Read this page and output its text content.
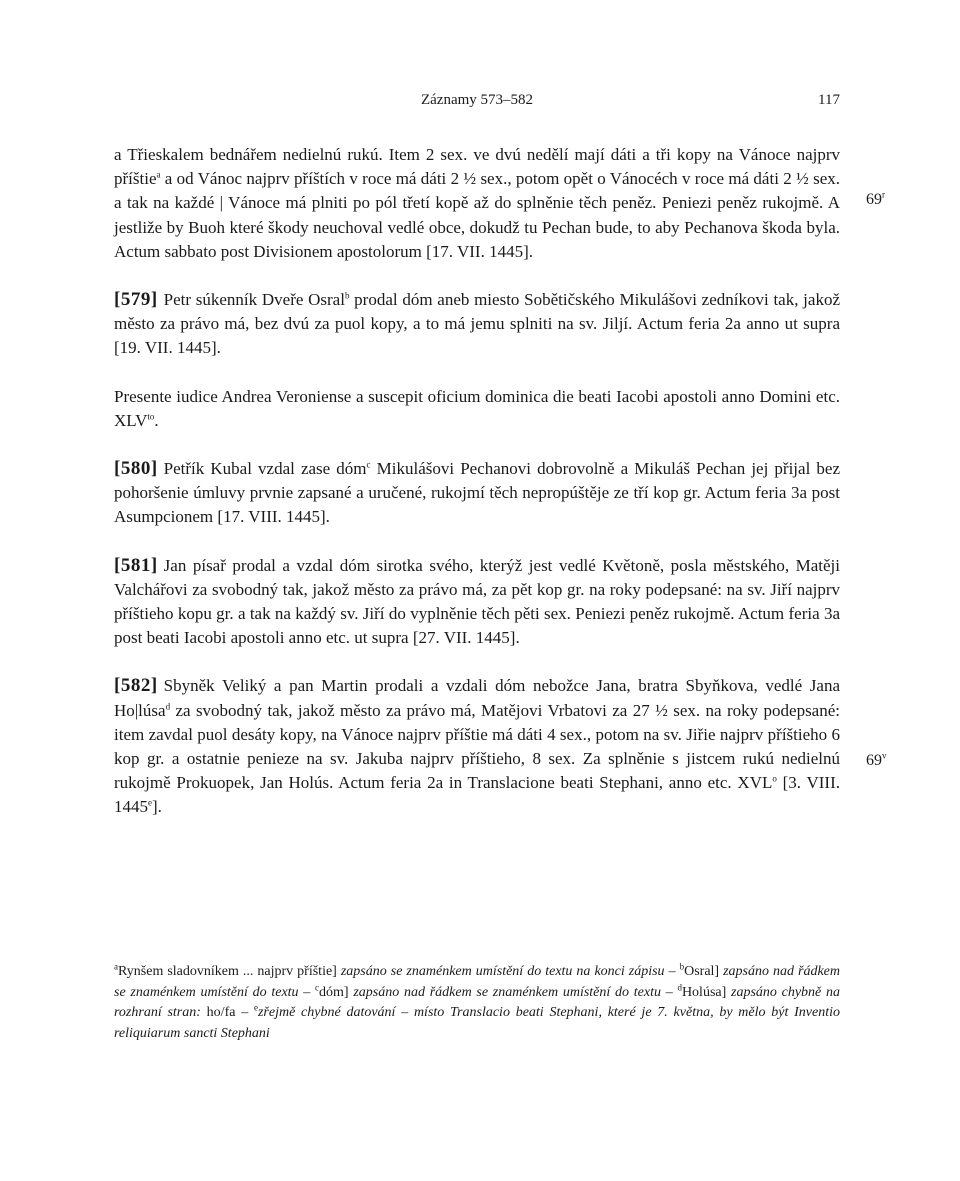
Záznamy 573–582	117
69$^r$
69$^v$

a Třieskalem bednářem nedielnú rukú. Item 2 sex. ve dvú nedělí mají dáti a tři kopy na Vánoce najprv příštie$^a$ a od Vánoc najprv příštích v roce má dáti 2 ½ sex., potom opět o Vánocéch v roce má dáti 2 ½ sex. a tak na každé | Vánoce má plniti po pól třetí kopě až do splněnie těch peněz. Peniezi peněz rukojmě. A jestliže by Buoh které škody neuchoval vedlé obce, dokudž tu Pechan bude, to aby Pechanova škoda byla. Actum sabbato post Divisionem apostolorum [17. VII. 1445].

[579] Petr súkenník Dveře Osral$^b$ prodal dóm aneb miesto Sobětičského Mikulášovi zedníkovi tak, jakož město za právo má, bez dvú za puol kopy, a to má jemu splniti na sv. Jiljí. Actum feria 2a anno ut supra [19. VII. 1445].

Presente iudice Andrea Veroniense a suscepit oficium dominica die beati Iacobi apostoli anno Domini etc. $XLV^{to}$.

[580] Petřík Kubal vzdal zase dóm$^c$ Mikulášovi Pechanovi dobrovolně a Mikuláš Pechan jej přijal bez pohoršenie úmluvy prvnie zapsané a uručené, rukojmí těch nepropúštěje ze tří kop gr. Actum feria 3a post Asumpcionem [17. VIII. 1445].

[581] Jan písař prodal a vzdal dóm sirotka svého, kterýž jest vedlé Květoně, posla městského, Matěji Valchářovi za svobodný tak, jakož město za právo má, za pět kop gr. na roky podepsané: na sv. Jiří najprv příštieho kopu gr. a tak na každý sv. Jiří do vyplněnie těch pěti sex. Peniezi peněz rukojmě. Actum feria 3a post beati Iacobi apostoli anno etc. ut supra [27. VII. 1445].

[582] Sbyněk Veliký a pan Martin prodali a vzdali dóm nebožce Jana, bratra Sbyňkova, vedlé Jana Ho|lúsa$^d$ za svobodný tak, jakož město za právo má, Matějovi Vrbatovi za 27 ½ sex. na roky podepsané: item zavdal puol desáty kopy, na Vánoce najprv příštie má dáti 4 sex., potom na sv. Jiřie najprv příštieho 6 kop gr. a ostatnie penieze na sv. Jakuba najprv příštieho, 8 sex. Za splněnie s jistcem rukú nedielnú rukojmě Prokuopek, Jan Holús. Actum feria 2a in Translacione beati Stephani, anno etc. XVL$^o$ [3. VIII. 1445e].

$^a$Rynšem sladovníkem ... najprv příštie] zapsáno se znaménkem umístění do textu na konci zápisu – $^b$Osral] zapsáno nad řádkem se znaménkem umístění do textu – $^c$dóm] zapsáno nad řádkem se znaménkem umístění do textu – $^d$Holúsa] zapsáno chybně na rozhraní stran: ho/fa – $^e$zřejmě chybné datování – místo Translacio beati Stephani, které je 7. května, by mělo být Inventio reliquiarum sancti Stephani
